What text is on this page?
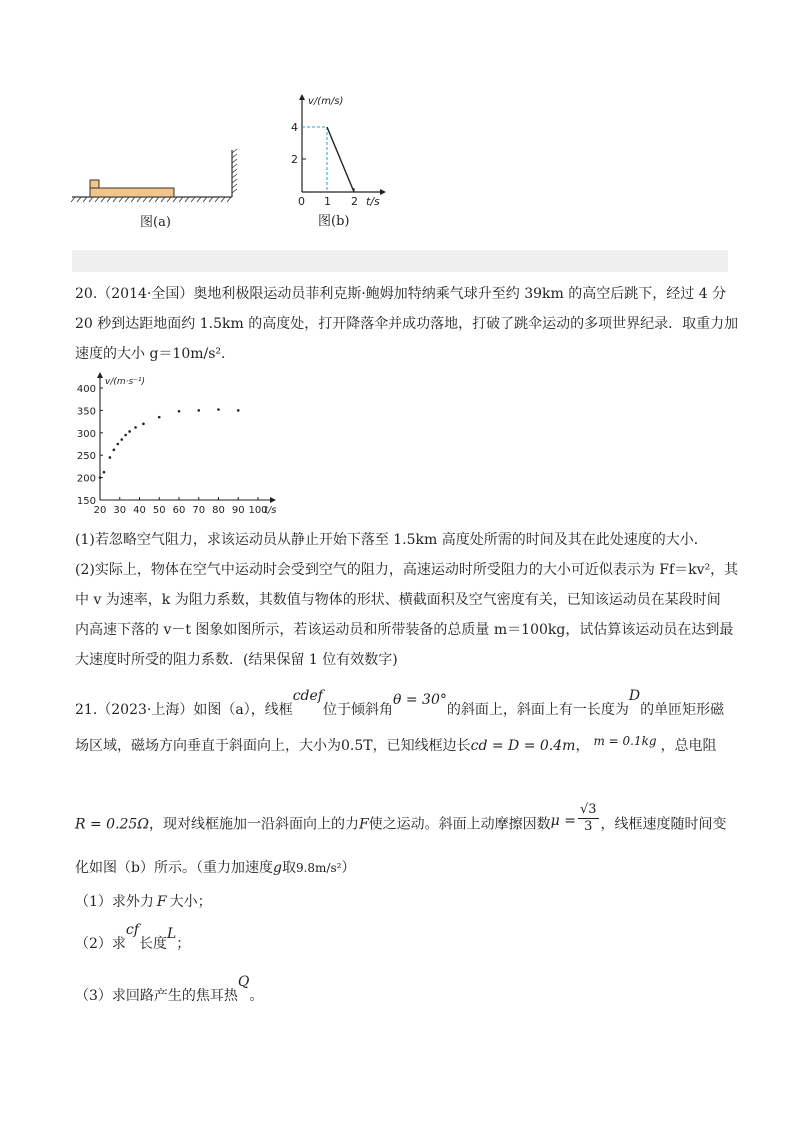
图(a)
v/(m/s)
4
2
0 1 2 t/s
图(b)
20.（2014·全国）奥地利极限运动员菲利克斯·鲍姆加特纳乘气球升至约 39km 的高空后跳下，经过 4 分
20 秒到达距地面约 1.5km 的高度处，打开降落伞并成功落地，打破了跳伞运动的多项世界纪录．取重力加
速度的大小 g＝10m/s².
150
200
250
300
350
400
20 30 40 50 60 70 80 90 100
v/(m·s⁻¹)
t/s
(1)若忽略空气阻力，求该运动员从静止开始下落至 1.5km 高度处所需的时间及其在此处速度的大小．
(2)实际上，物体在空气中运动时会受到空气的阻力，高速运动时所受阻力的大小可近似表示为 Ff＝kv²，其
中 v 为速率，k 为阻力系数，其数值与物体的形状、横截面积及空气密度有关，已知该运动员在某段时间
内高速下落的 v－t 图象如图所示，若该运动员和所带装备的总质量 m＝100kg，试估算该运动员在达到最
大速度时所受的阻力系数．(结果保留 1 位有效数字)
21.（2023·上海）如图（a），线框cdef位于倾斜角θ = 30°的斜面上，斜面上有一长度为D的单匝矩形磁
场区域，磁场方向垂直于斜面向上，大小为0.5T，已知线框边长cd = D = 0.4m， m = 0.1kg ，总电阻
R = 0.25Ω，现对线框施加一沿斜面向上的力F使之运动。斜面上动摩擦因数$\mu = \frac{√3}{3}$ ，线框速度随时间变
化如图（b）所示。（重力加速度g取9.8m/s²）
（1）求外力 F 大小；
（2）求cf长度L；
（3）求回路产生的焦耳热Q。
